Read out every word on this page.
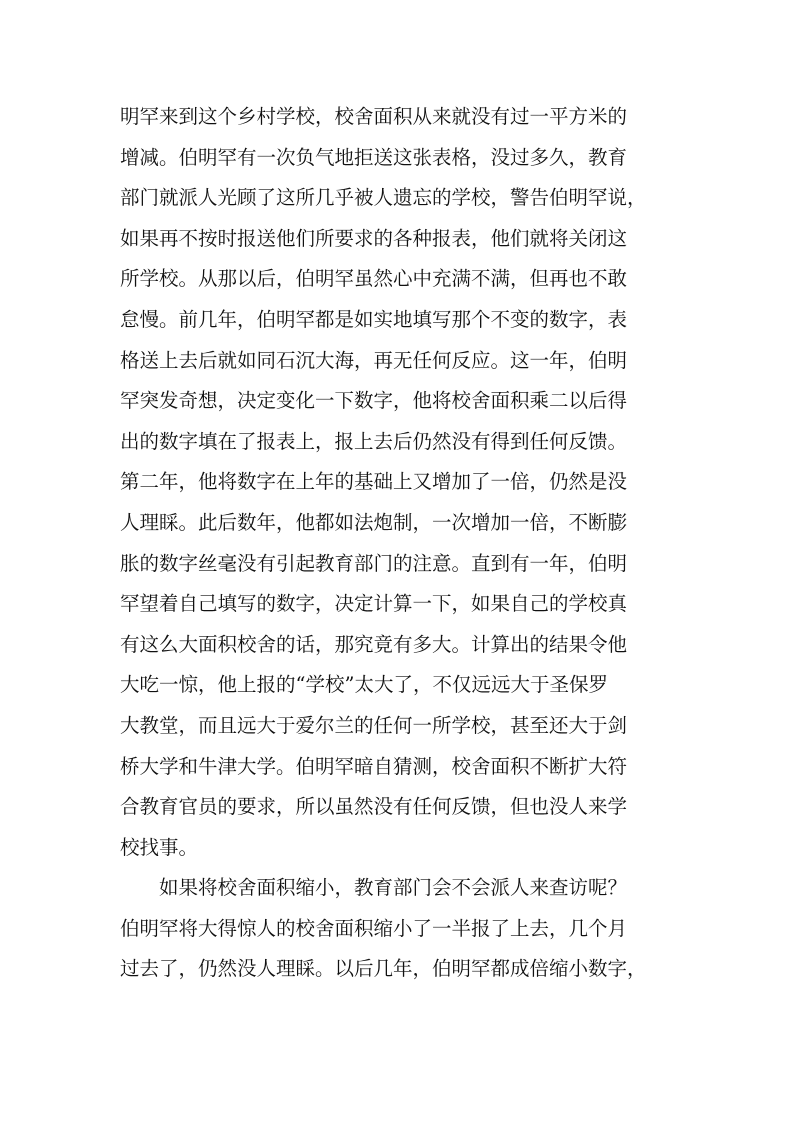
明罕来到这个乡村学校，校舍面积从来就没有过一平方米的
增减。伯明罕有一次负气地拒送这张表格，没过多久，教育
部门就派人光顾了这所几乎被人遗忘的学校，警告伯明罕说，
如果再不按时报送他们所要求的各种报表，他们就将关闭这
所学校。从那以后，伯明罕虽然心中充满不满，但再也不敢
怠慢。前几年，伯明罕都是如实地填写那个不变的数字，表
格送上去后就如同石沉大海，再无任何反应。这一年，伯明
罕突发奇想，决定变化一下数字，他将校舍面积乘二以后得
出的数字填在了报表上，报上去后仍然没有得到任何反馈。
第二年，他将数字在上年的基础上又增加了一倍，仍然是没
人理睬。此后数年，他都如法炮制，一次增加一倍，不断膨
胀的数字丝毫没有引起教育部门的注意。直到有一年，伯明
罕望着自己填写的数字，决定计算一下，如果自己的学校真
有这么大面积校舍的话，那究竟有多大。计算出的结果令他
大吃一惊，他上报的“学校”太大了，不仅远远大于圣保罗
大教堂，而且远大于爱尔兰的任何一所学校，甚至还大于剑
桥大学和牛津大学。伯明罕暗自猜测，校舍面积不断扩大符
合教育官员的要求，所以虽然没有任何反馈，但也没人来学
校找事。
　　如果将校舍面积缩小，教育部门会不会派人来查访呢？
伯明罕将大得惊人的校舍面积缩小了一半报了上去，几个月
过去了，仍然没人理睬。以后几年，伯明罕都成倍缩小数字，
